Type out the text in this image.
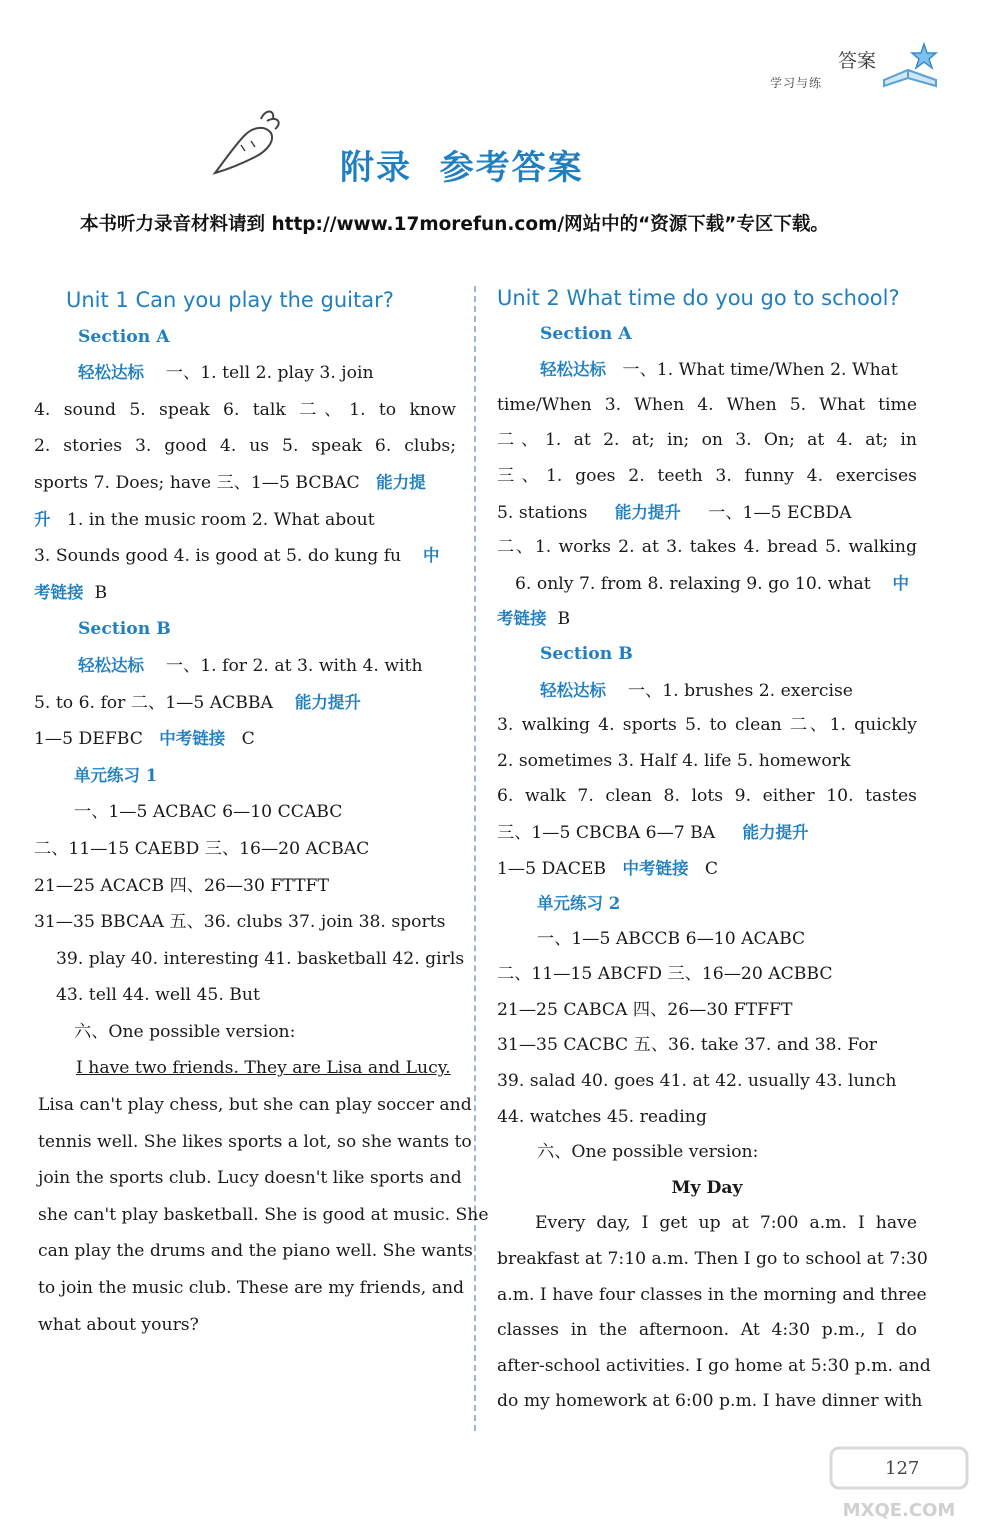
答案
学习与练
附录  参考答案
本书听力录音材料请到 http://www.17morefun.com/网站中的“资源下载”专区下载。
Unit 1 Can you play the guitar?
Section A
轻松达标 一、1. tell 2. play 3. join
4. sound 5. speak 6. talk 二、1. to know
2. stories 3. good 4. us 5. speak 6. clubs;
sports 7. Does; have 三、1—5 BCBAC 能力提
升 1. in the music room 2. What about
3. Sounds good 4. is good at 5. do kung fu 中
考链接 B
Section B
轻松达标 一、1. for 2. at 3. with 4. with
5. to 6. for 二、1—5 ACBBA 能力提升
1—5 DEFBC 中考链接 C
单元练习 1
一、1—5 ACBAC 6—10 CCABC
二、11—15 CAEBD 三、16—20 ACBAC
21—25 ACACB 四、26—30 FTTFT
31—35 BBCAA 五、36. clubs 37. join 38. sports
39. play 40. interesting 41. basketball 42. girls
43. tell 44. well 45. But
六、One possible version:
I have two friends. They are Lisa and Lucy.
Lisa can't play chess, but she can play soccer and
tennis well. She likes sports a lot, so she wants to
join the sports club. Lucy doesn't like sports and
she can't play basketball. She is good at music. She
can play the drums and the piano well. She wants
to join the music club. These are my friends, and
what about yours?
Unit 2 What time do you go to school?
Section A
轻松达标 一、1. What time/When 2. What
time/When 3. When 4. When 5. What time
二、1. at 2. at; in; on 3. On; at 4. at; in
三、1. goes 2. teeth 3. funny 4. exercises
5. stations 能力提升 一、1—5 ECBDA
二、1. works 2. at 3. takes 4. bread 5. walking
6. only 7. from 8. relaxing 9. go 10. what 中
考链接 B
Section B
轻松达标 一、1. brushes 2. exercise
3. walking 4. sports 5. to clean 二、1. quickly
2. sometimes 3. Half 4. life 5. homework
6. walk 7. clean 8. lots 9. either 10. tastes
三、1—5 CBCBA 6—7 BA 能力提升
1—5 DACEB 中考链接 C
单元练习 2
一、1—5 ABCCB 6—10 ACABC
二、11—15 ABCFD 三、16—20 ACBBC
21—25 CABCA 四、26—30 FTFFT
31—35 CACBC 五、36. take 37. and 38. For
39. salad 40. goes 41. at 42. usually 43. lunch
44. watches 45. reading
六、One possible version:
My Day
Every day, I get up at 7:00 a.m. I have
breakfast at 7:10 a.m. Then I go to school at 7:30
a.m. I have four classes in the morning and three
classes in the afternoon. At 4:30 p.m., I do
after-school activities. I go home at 5:30 p.m. and
do my homework at 6:00 p.m. I have dinner with
MXQE.COM
127
